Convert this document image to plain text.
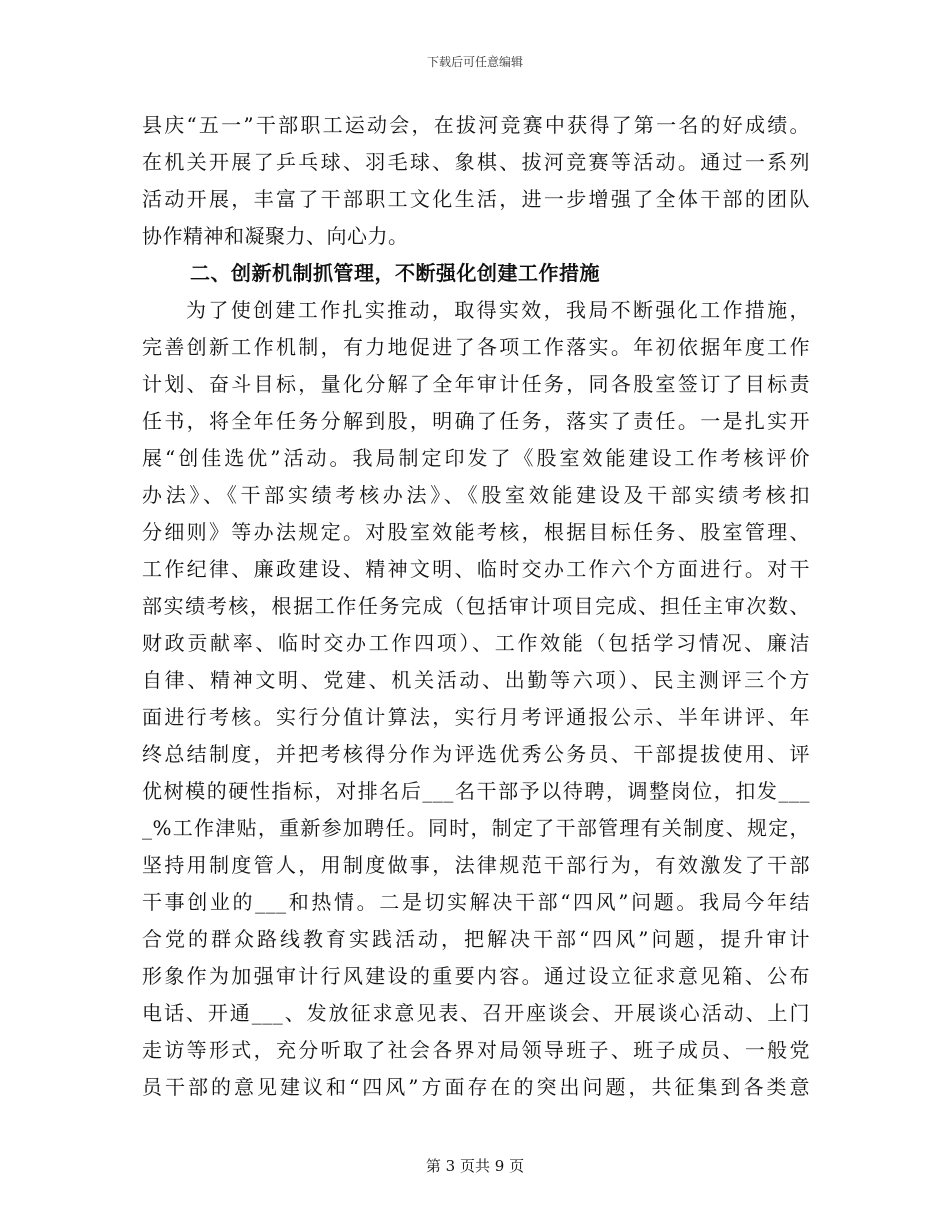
下载后可任意编辑
县庆“五一”干部职工运动会，在拔河竞赛中获得了第一名的好成绩。
在机关开展了乒乓球、羽毛球、象棋、拔河竞赛等活动。通过一系列
活动开展，丰富了干部职工文化生活，进一步增强了全体干部的团队
协作精神和凝聚力、向心力。
二、创新机制抓管理，不断强化创建工作措施
为了使创建工作扎实推动，取得实效，我局不断强化工作措施，
完善创新工作机制，有力地促进了各项工作落实。年初依据年度工作
计划、奋斗目标，量化分解了全年审计任务，同各股室签订了目标责
任书，将全年任务分解到股，明确了任务，落实了责任。一是扎实开
展“创佳选优”活动。我局制定印发了《股室效能建设工作考核评价
办法》、《干部实绩考核办法》、《股室效能建设及干部实绩考核扣
分细则》等办法规定。对股室效能考核，根据目标任务、股室管理、
工作纪律、廉政建设、精神文明、临时交办工作六个方面进行。对干
部实绩考核，根据工作任务完成（包括审计项目完成、担任主审次数、
财政贡献率、临时交办工作四项）、工作效能（包括学习情况、廉洁
自律、精神文明、党建、机关活动、出勤等六项）、民主测评三个方
面进行考核。实行分值计算法，实行月考评通报公示、半年讲评、年
终总结制度，并把考核得分作为评选优秀公务员、干部提拔使用、评
优树模的硬性指标，对排名后___名干部予以待聘，调整岗位，扣发___
_%工作津贴，重新参加聘任。同时，制定了干部管理有关制度、规定，
坚持用制度管人，用制度做事，法律规范干部行为，有效激发了干部
干事创业的___和热情。二是切实解决干部“四风”问题。我局今年结
合党的群众路线教育实践活动，把解决干部“四风”问题，提升审计
形象作为加强审计行风建设的重要内容。通过设立征求意见箱、公布
电话、开通___、发放征求意见表、召开座谈会、开展谈心活动、上门
走访等形式，充分听取了社会各界对局领导班子、班子成员、一般党
员干部的意见建议和“四风”方面存在的突出问题，共征集到各类意
第 3 页共 9 页
